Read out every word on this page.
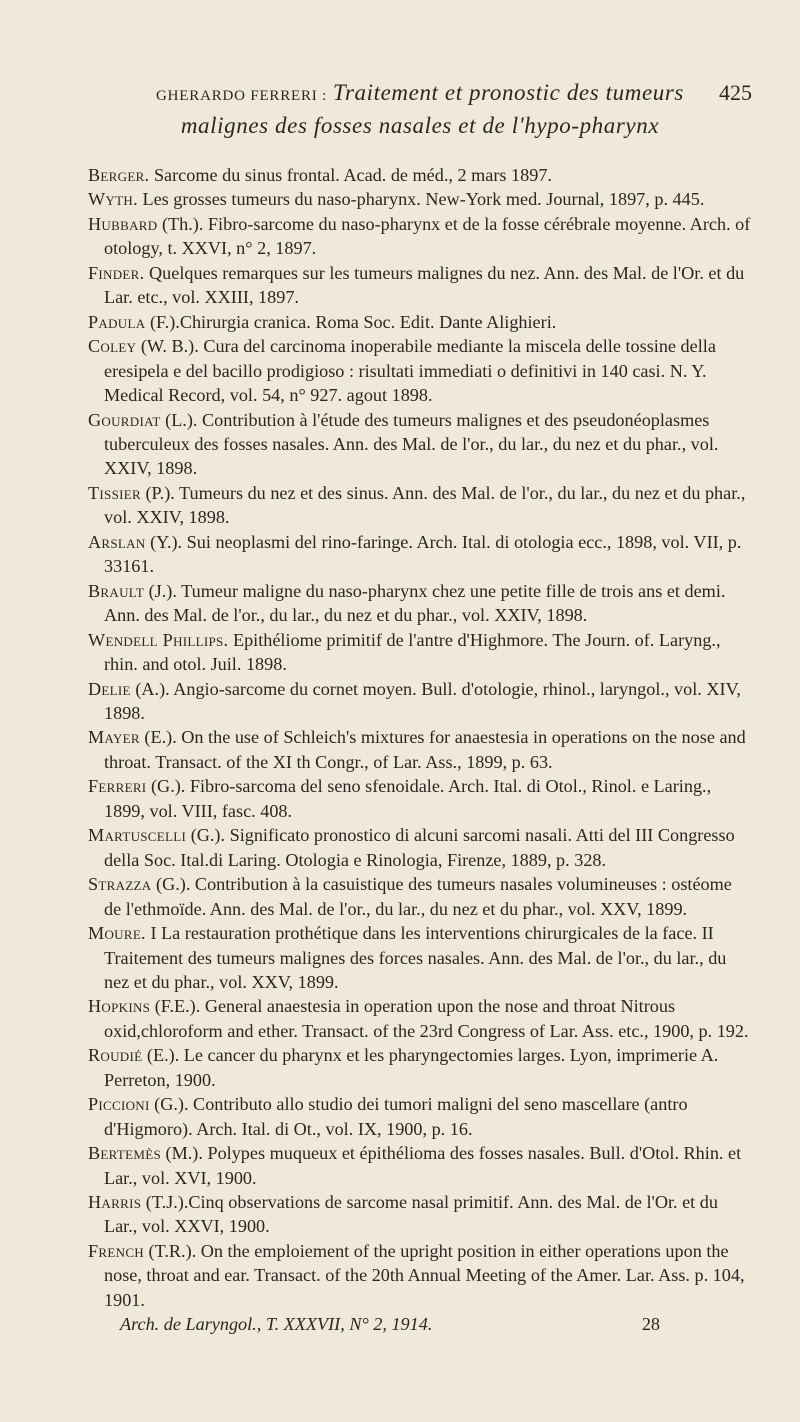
GHERARDO FERRERI : Traitement et pronostic des tumeurs 425
malignes des fosses nasales et de l'hypo-pharynx

Berger. Sarcome du sinus frontal. Acad. de méd., 2 mars 1897.

Wyth. Les grosses tumeurs du naso-pharynx. New-York med. Journal, 1897, p. 445.

Hubbard (Th.). Fibro-sarcome du naso-pharynx et de la fosse cérébrale moyenne. Arch. of otology, t. XXVI, n° 2, 1897.

Finder. Quelques remarques sur les tumeurs malignes du nez. Ann. des Mal. de l'Or. et du Lar. etc., vol. XXIII, 1897.

Padula (F.).Chirurgia cranica. Roma Soc. Edit. Dante Alighieri.

Coley (W. B.). Cura del carcinoma inoperabile mediante la miscela delle tossine della eresipela e del bacillo prodigioso : risultati immediati o definitivi in 140 casi. N. Y. Medical Record, vol. 54, n° 927. agout 1898.

Gourdiat (L.). Contribution à l'étude des tumeurs malignes et des pseudonéoplasmes tuberculeux des fosses nasales. Ann. des Mal. de l'or., du lar., du nez et du phar., vol. XXIV, 1898.

Tissier (P.). Tumeurs du nez et des sinus. Ann. des Mal. de l'or., du lar., du nez et du phar., vol. XXIV, 1898.

Arslan (Y.). Sui neoplasmi del rino-faringe. Arch. Ital. di otologia ecc., 1898, vol. VII, p. 33161.

Brault (J.). Tumeur maligne du naso-pharynx chez une petite fille de trois ans et demi. Ann. des Mal. de l'or., du lar., du nez et du phar., vol. XXIV, 1898.

Wendell Phillips. Epithéliome primitif de l'antre d'Highmore. The Journ. of. Laryng., rhin. and otol. Juil. 1898.

Delie (A.). Angio-sarcome du cornet moyen. Bull. d'otologie, rhinol., laryngol., vol. XIV, 1898.

Mayer (E.). On the use of Schleich's mixtures for anaestesia in operations on the nose and throat. Transact. of the XI th Congr., of Lar. Ass., 1899, p. 63.

Ferreri (G.). Fibro-sarcoma del seno sfenoidale. Arch. Ital. di Otol., Rinol. e Laring., 1899, vol. VIII, fasc. 408.

Martuscelli (G.). Significato pronostico di alcuni sarcomi nasali. Atti del III Congresso della Soc. Ital.di Laring. Otologia e Rinologia, Firenze, 1889, p. 328.

Strazza (G.). Contribution à la casuistique des tumeurs nasales volumineuses : ostéome de l'ethmoïde. Ann. des Mal. de l'or., du lar., du nez et du phar., vol. XXV, 1899.

Moure. I La restauration prothétique dans les interventions chirurgicales de la face. II Traitement des tumeurs malignes des forces nasales. Ann. des Mal. de l'or., du lar., du nez et du phar., vol. XXV, 1899.

Hopkins (F.E.). General anaestesia in operation upon the nose and throat Nitrous oxid,chloroform and ether. Transact. of the 23rd Congress of Lar. Ass. etc., 1900, p. 192.

Roudié (E.). Le cancer du pharynx et les pharyngectomies larges. Lyon, imprimerie A. Perreton, 1900.

Piccioni (G.). Contributo allo studio dei tumori maligni del seno mascellare (antro d'Higmoro). Arch. Ital. di Ot., vol. IX, 1900, p. 16.

Bertemès (M.). Polypes muqueux et épithélioma des fosses nasales. Bull. d'Otol. Rhin. et Lar., vol. XVI, 1900.

Harris (T.J.).Cinq observations de sarcome nasal primitif. Ann. des Mal. de l'Or. et du Lar., vol. XXVI, 1900.

French (T.R.). On the emploiement of the upright position in either operations upon the nose, throat and ear. Transact. of the 20th Annual Meeting of the Amer. Lar. Ass. p. 104, 1901.

Arch. de Laryngol., T. XXXVII, N° 2, 1914.	28
